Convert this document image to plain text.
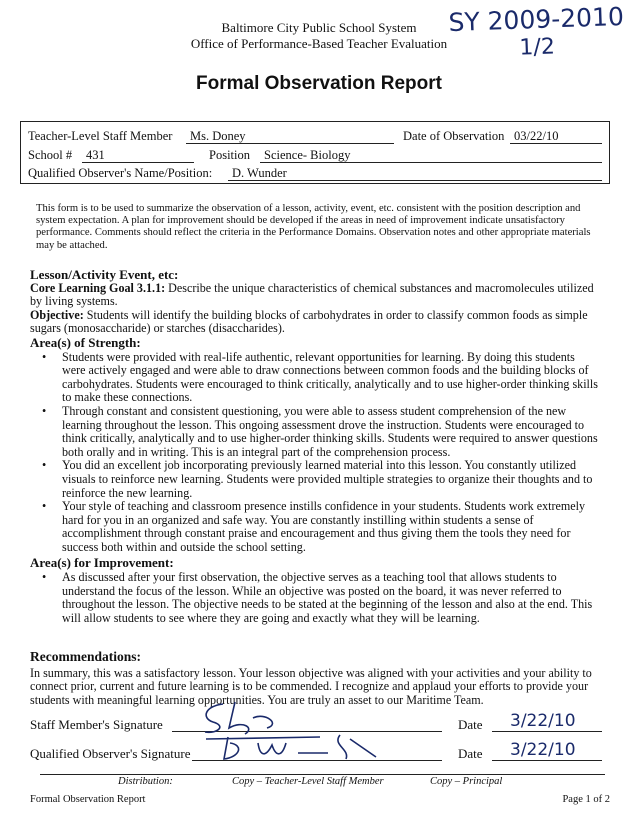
SY 2009-2010
1/2
Baltimore City Public School System
Office of Performance-Based Teacher Evaluation
Formal Observation Report
Teacher-Level Staff Member	Ms. Doney	Date of Observation 03/22/10
School #	431	Position	Science- Biology
Qualified Observer's Name/Position:	D. Wunder
This form is to be used to summarize the observation of a lesson, activity, event, etc. consistent with the position description and system expectation. A plan for improvement should be developed if the areas in need of improvement indicate unsatisfactory performance. Comments should reflect the criteria in the Performance Domains. Observation notes and other appropriate materials may be attached.

Lesson/Activity Event, etc:

Core Learning Goal 3.1.1: Describe the unique characteristics of chemical substances and macromolecules utilized by living systems.

Objective: Students will identify the building blocks of carbohydrates in order to classify common foods as simple sugars (monosaccharide) or starches (disaccharides).

Area(s) of Strength:

• Students were provided with real-life authentic, relevant opportunities for learning. By doing this students were actively engaged and were able to draw connections between common foods and the building blocks of carbohydrates. Students were encouraged to think critically, analytically and to use higher-order thinking skills to make these connections.
• Through constant and consistent questioning, you were able to assess student comprehension of the new learning throughout the lesson. This ongoing assessment drove the instruction. Students were encouraged to think critically, analytically and to use higher-order thinking skills. Students were required to answer questions both orally and in writing. This is an integral part of the comprehension process.
• You did an excellent job incorporating previously learned material into this lesson. You constantly utilized visuals to reinforce new learning. Students were provided multiple strategies to organize their thoughts and to reinforce the new learning.
• Your style of teaching and classroom presence instills confidence in your students. Students work extremely hard for you in an organized and safe way. You are constantly instilling within students a sense of accomplishment through constant praise and encouragement and thus giving them the tools they need for success both within and outside the school setting.

Area(s) for Improvement:

• As discussed after your first observation, the objective serves as a teaching tool that allows students to understand the focus of the lesson. While an objective was posted on the board, it was never referred to throughout the lesson. The objective needs to be stated at the beginning of the lesson and also at the end. This will allow students to see where they are going and exactly what they will be learning.
Recommendations:
In summary, this was a satisfactory lesson. Your lesson objective was aligned with your activities and your ability to connect prior, current and future learning is to be commended. I recognize and applaud your efforts to provide your students with meaningful learning opportunities. You are truly an asset to our Maritime Team.
Staff Member's Signature	Date 3/22/10
Qualified Observer's Signature	Date 3/22/10
Distribution:	Copy – Teacher-Level Staff Member	Copy – Principal
Formal Observation Report	Page 1 of 2
